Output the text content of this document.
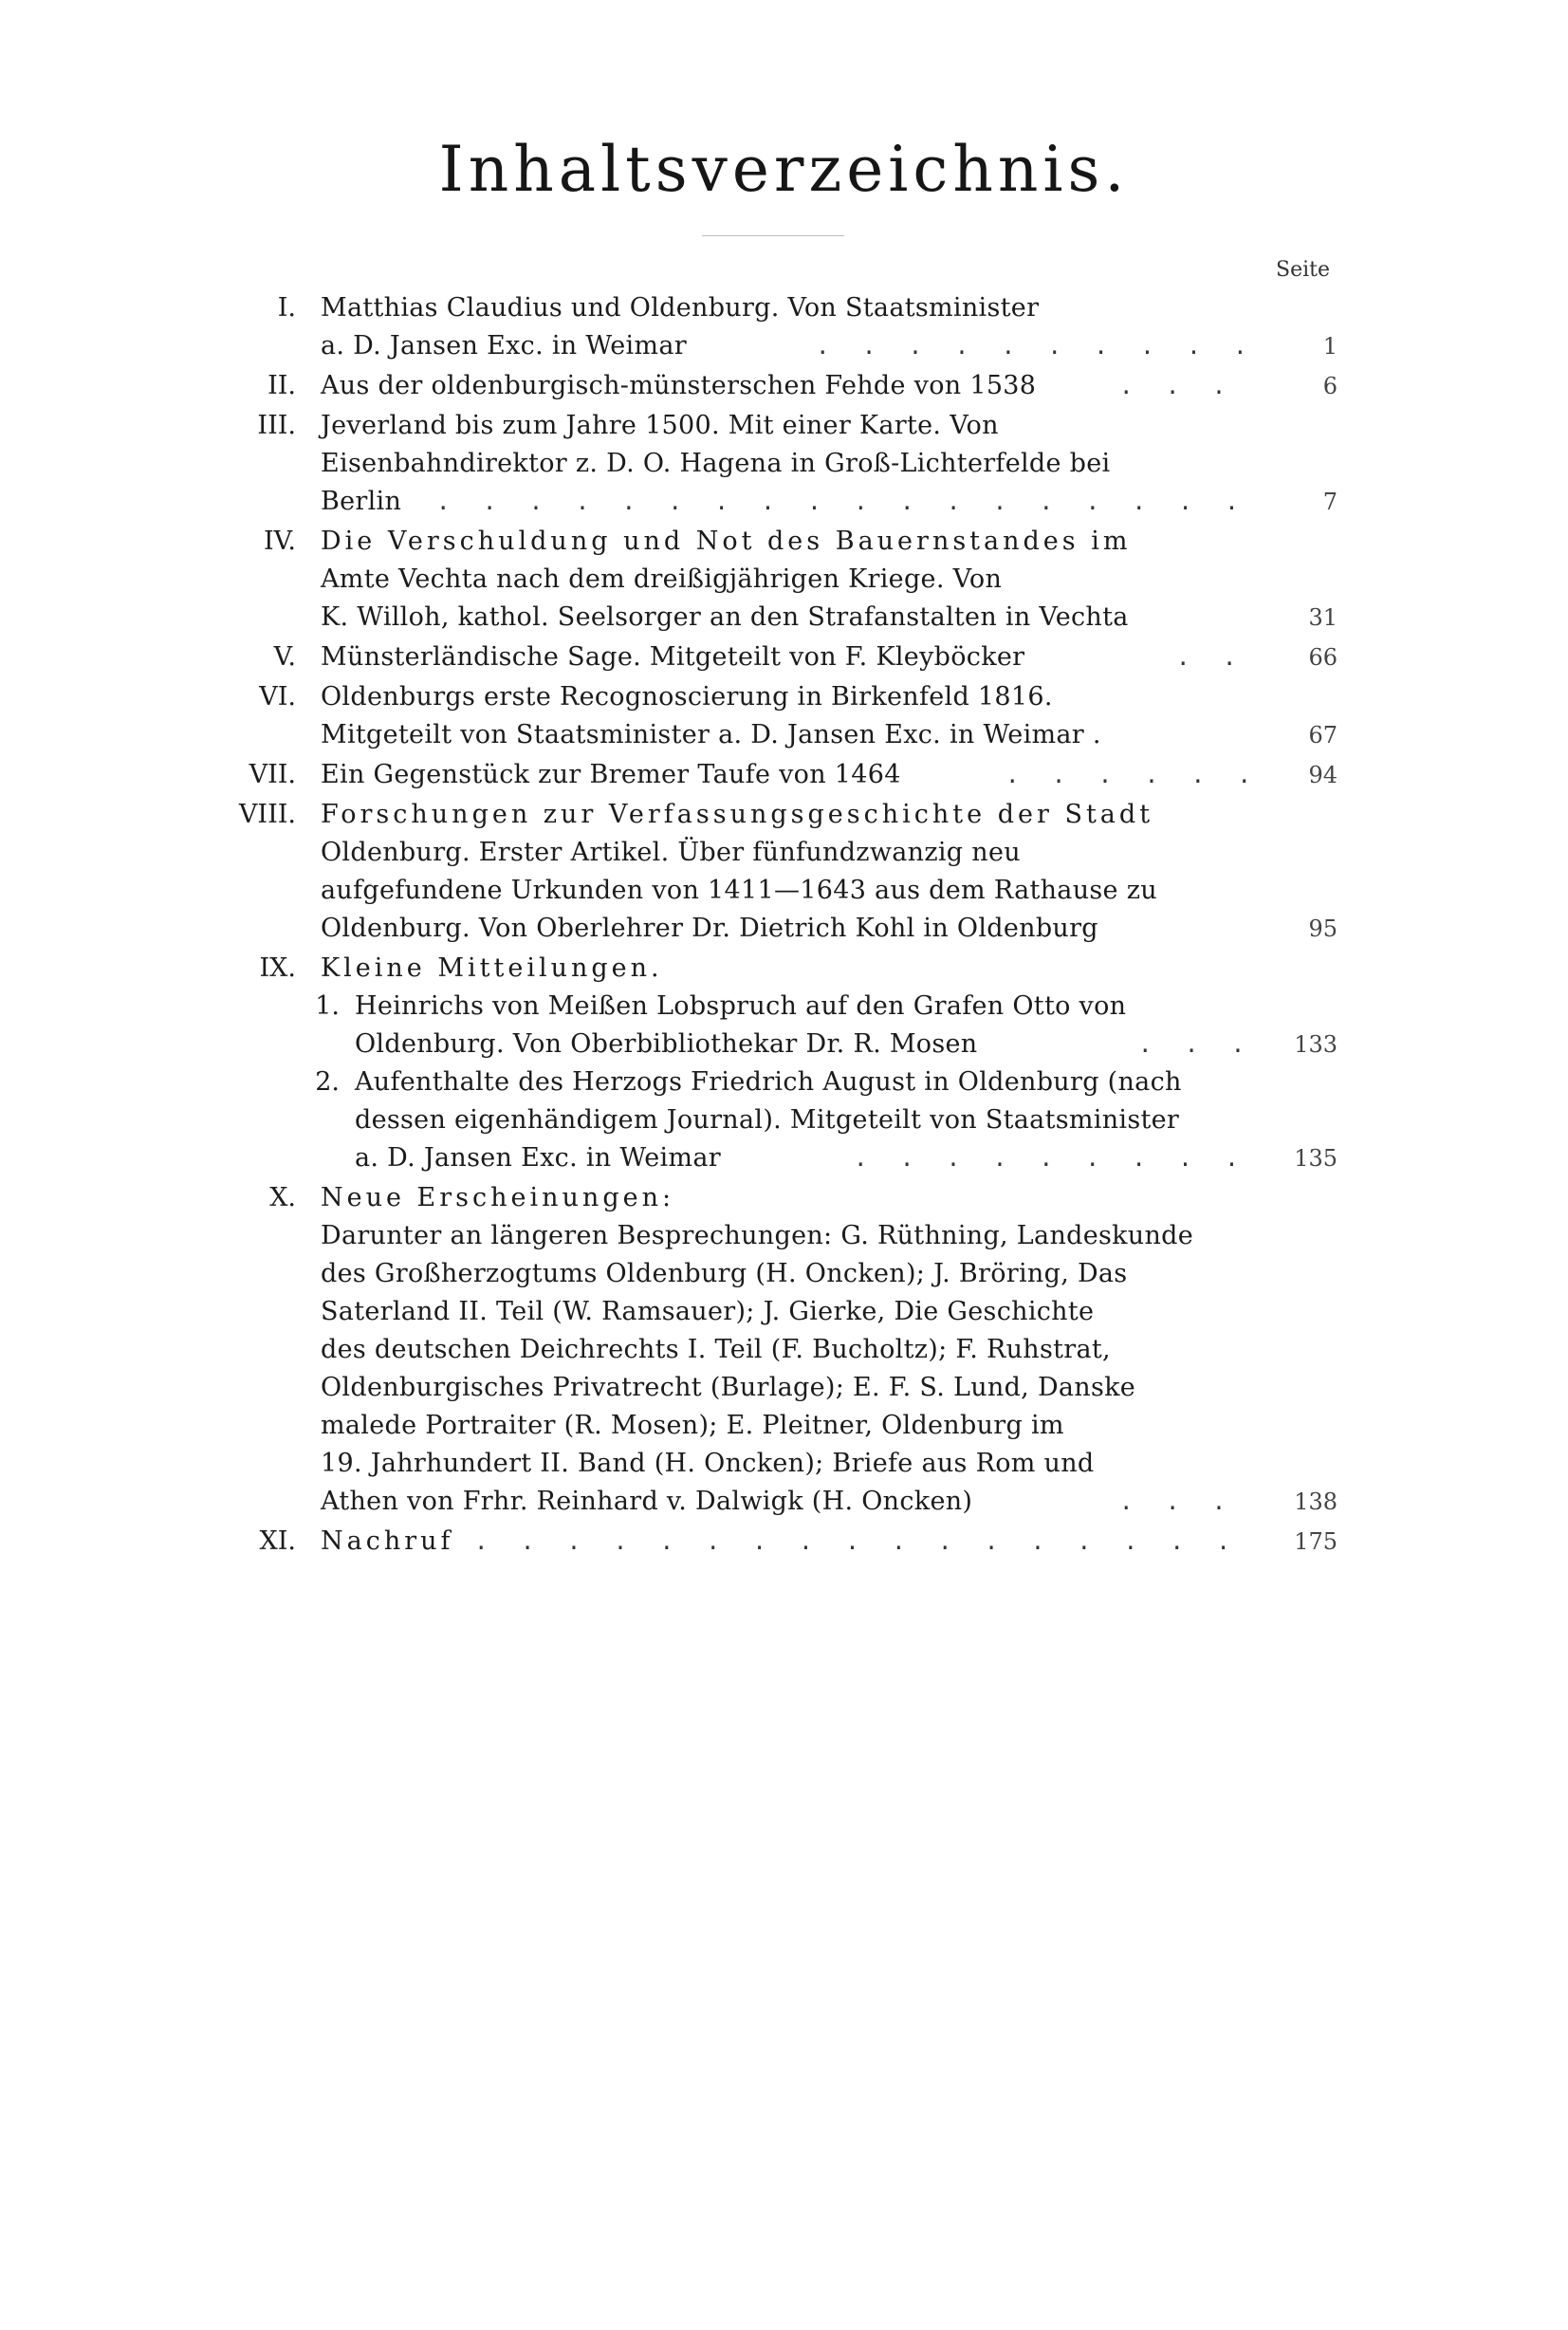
Inhaltsverzeichnis.
Seite
I. Matthias Claudius und Oldenburg. Von Staatsminister
a. D. Jansen Exc. in Weimar . . .	1
II. Aus der oldenburgisch-münsterschen Fehde von 1538 . . .	6
III. Jeverland bis zum Jahre 1500. Mit einer Karte. Von
Eisenbahndirektor z. D. O. Hagena in Groß-Lichterfelde bei
Berlin . . .	7
IV. Die Verschuldung und Not des Bauernstandes im
Amte Vechta nach dem dreißigjährigen Kriege. Von
K. Willoh, kathol. Seelsorger an den Strafanstalten in Vechta	31
V. Münsterländische Sage. Mitgeteilt von F. Kleyböcker . . .	66
VI. Oldenburgs erste Recognoscierung in Birkenfeld 1816.
Mitgeteilt von Staatsminister a. D. Jansen Exc. in Weimar .	67
VII. Ein Gegenstück zur Bremer Taufe von 1464 . . .	94
VIII. Forschungen zur Verfassungsgeschichte der Stadt
Oldenburg. Erster Artikel. Über fünfundzwanzig neu
aufgefundene Urkunden von 1411—1643 aus dem Rathause zu
Oldenburg. Von Oberlehrer Dr. Dietrich Kohl in Oldenburg	95
IX. Kleine Mitteilungen.
1. Heinrichs von Meißen Lobspruch auf den Grafen Otto von
Oldenburg. Von Oberbibliothekar Dr. R. Mosen . . .	133
2. Aufenthalte des Herzogs Friedrich August in Oldenburg (nach
dessen eigenhändigem Journal). Mitgeteilt von Staatsminister
a. D. Jansen Exc. in Weimar . . .	135
X. Neue Erscheinungen:
Darunter an längeren Besprechungen: G. Rüthning, Landeskunde
des Großherzogtums Oldenburg (H. Oncken); J. Bröring, Das
Saterland II. Teil (W. Ramsauer); J. Gierke, Die Geschichte
des deutschen Deichrechts I. Teil (F. Bucholtz); F. Ruhstrat,
Oldenburgisches Privatrecht (Burlage); E. F. S. Lund, Danske
malede Portraiter (R. Mosen); E. Pleitner, Oldenburg im
19. Jahrhundert II. Band (H. Oncken); Briefe aus Rom und
Athen von Frhr. Reinhard v. Dalwigk (H. Oncken) . . .	138
XI. Nachruf . . .	175
